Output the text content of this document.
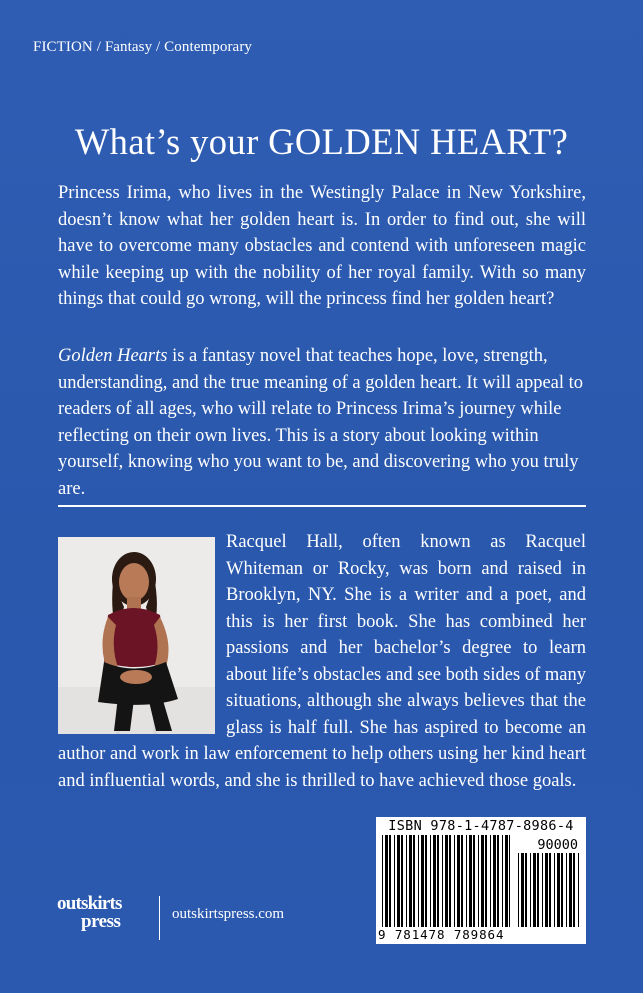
FICTION / Fantasy / Contemporary
What’s your GOLDEN HEART?
Princess Irima, who lives in the Westingly Palace in New Yorkshire, doesn’t know what her golden heart is. In order to find out, she will have to overcome many obstacles and contend with unforeseen magic while keeping up with the nobility of her royal family. With so many things that could go wrong, will the princess find her golden heart?
Golden Hearts is a fantasy novel that teaches hope, love, strength, understanding, and the true meaning of a golden heart. It will appeal to readers of all ages, who will relate to Princess Irima’s journey while reflecting on their own lives. This is a story about looking within yourself, knowing who you want to be, and discovering who you truly are.
Racquel Hall, often known as Racquel Whiteman or Rocky, was born and raised in Brooklyn, NY. She is a writer and a poet, and this is her first book. She has combined her passions and her bachelor’s degree to learn about life’s obstacles and see both sides of many situations, although she always believes that the glass is half full. She has aspired to become an author and work in law enforcement to help others using her kind heart and influential words, and she is thrilled to have achieved those goals.
ISBN 978-1-4787-8986-4
90000
9 781478 789864
outskirts
press	outskirtspress.com
